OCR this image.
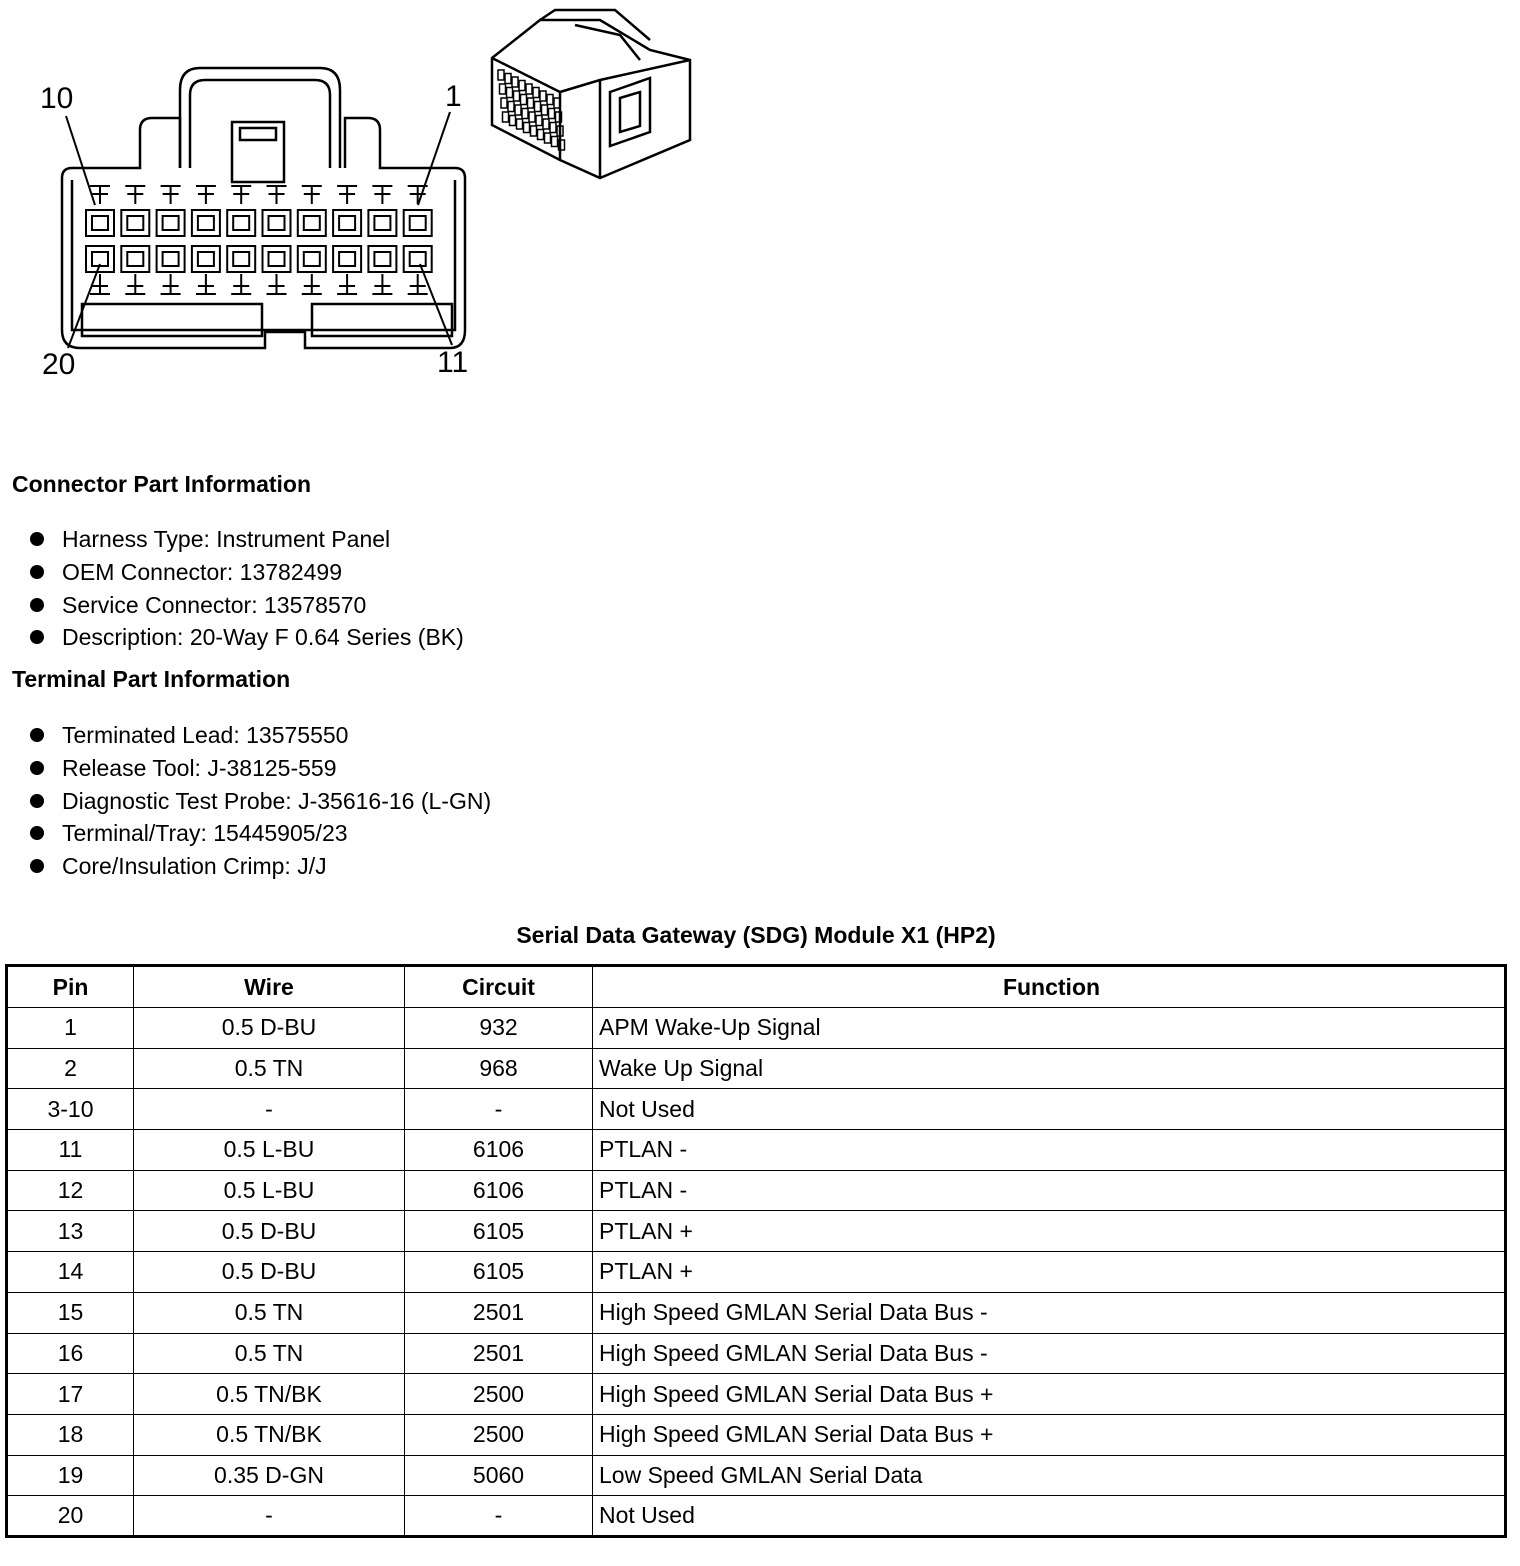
10	1
20	11
Connector Part Information
Harness Type: Instrument Panel
OEM Connector: 13782499
Service Connector: 13578570
Description: 20-Way F 0.64 Series (BK)
Terminal Part Information
Terminated Lead: 13575550
Release Tool: J-38125-559
Diagnostic Test Probe: J-35616-16 (L-GN)
Terminal/Tray: 15445905/23
Core/Insulation Crimp: J/J
Serial Data Gateway (SDG) Module X1 (HP2)
Pin	Wire	Circuit	Function
1	0.5 D-BU	932	APM Wake-Up Signal
2	0.5 TN	968	Wake Up Signal
3-10	-	-	Not Used
11	0.5 L-BU	6106	PTLAN -
12	0.5 L-BU	6106	PTLAN -
13	0.5 D-BU	6105	PTLAN +
14	0.5 D-BU	6105	PTLAN +
15	0.5 TN	2501	High Speed GMLAN Serial Data Bus -
16	0.5 TN	2501	High Speed GMLAN Serial Data Bus -
17	0.5 TN/BK	2500	High Speed GMLAN Serial Data Bus +
18	0.5 TN/BK	2500	High Speed GMLAN Serial Data Bus +
19	0.35 D-GN	5060	Low Speed GMLAN Serial Data
20	-	-	Not Used
